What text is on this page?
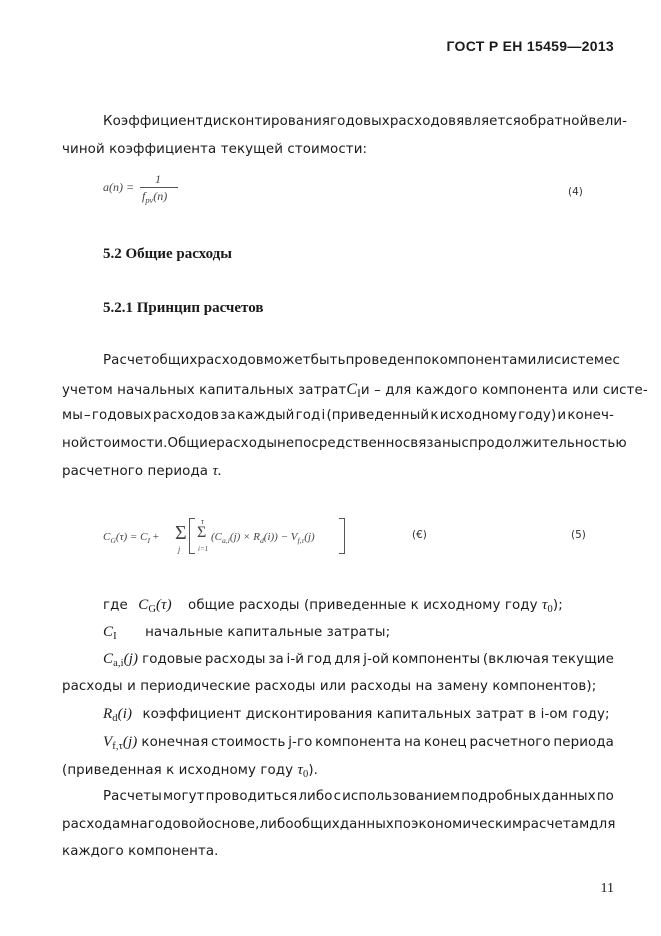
ГОСТ Р ЕН 15459—2013
Коэффициент дисконтирования годовых расходов является обратной вели-
чиной коэффициента текущей стоимости:
a(n) =
1
$f_{pv}(n)$	(4)
5.2 Общие расходы
5.2.1 Принцип расчетов
Расчет общих расходов может быть проведен по компонентам или системе с
учетом начальных капитальных затрат CI и – для каждого компонента или систе-
мы – годовых расходов за каждый год i (приведенный к исходному году) и конеч-
ной стоимости. Общие расходы непосредственно связаны с продолжительностью
расчетного периода τ.
$C_G(\tau) = C_I + \Sigma$
j
τ
Σ
i=1
$(C_{a,i}(j) \times R_d(i)) - V_{f,\tau}(j)$	(€)	(5)
где $C_G(\tau)$ общие расходы (приведенные к исходному году $\tau_0$);
$C_I$ начальные капитальные затраты;
$C_{a,i}(j)$ годовые расходы за i-й год для j-ой компоненты (включая текущие
расходы и периодические расходы или расходы на замену компонентов);
$R_d(i)$ коэффициент дисконтирования капитальных затрат в i-ом году;
$V_{f,\tau}(j)$ конечная стоимость j-го компонента на конец расчетного периода
(приведенная к исходному году $\tau_0$).
Расчеты могут проводиться либо с использованием подробных данных по
расходам на годовой основе, либо общих данных по экономическим расчетам для
каждого компонента.
11
